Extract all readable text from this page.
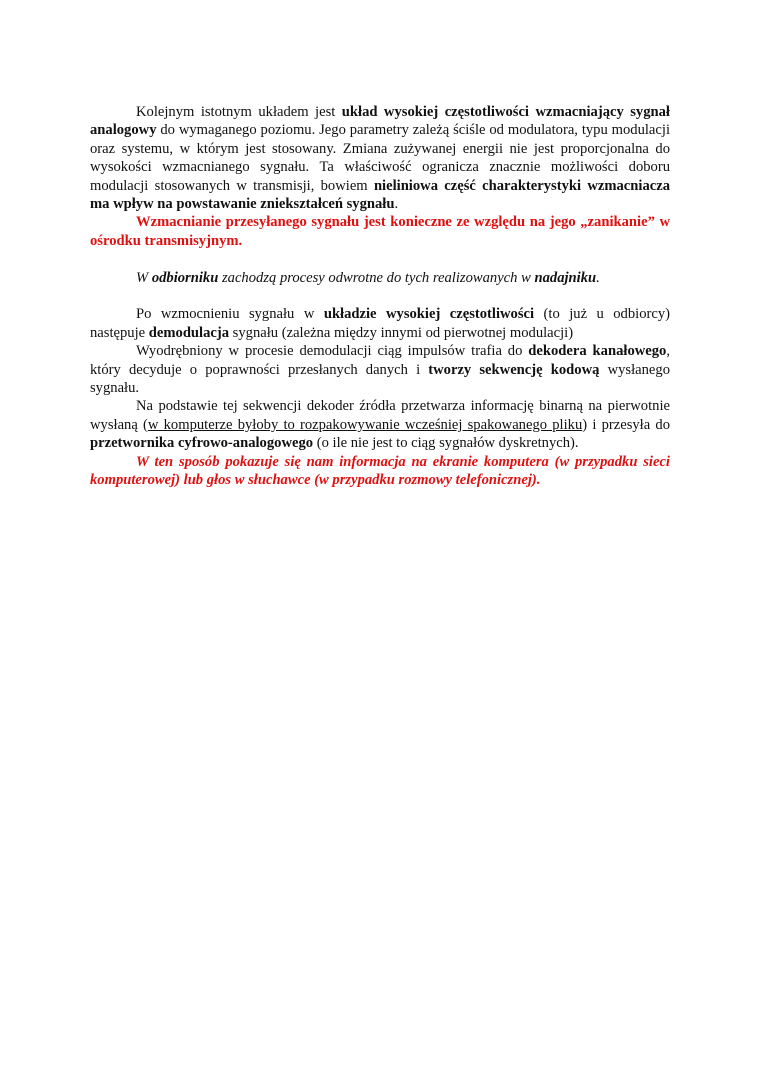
Kolejnym istotnym układem jest układ wysokiej częstotliwości wzmacniający sygnał analogowy do wymaganego poziomu. Jego parametry zależą ściśle od modulatora, typu modulacji oraz systemu, w którym jest stosowany. Zmiana zużywanej energii nie jest proporcjonalna do wysokości wzmacnianego sygnału. Ta właściwość ogranicza znacznie możliwości doboru modulacji stosowanych w transmisji, bowiem nieliniowa część charakterystyki wzmacniacza ma wpływ na powstawanie zniekształceń sygnału.

Wzmacnianie przesyłanego sygnału jest konieczne ze względu na jego „zanikanie” w ośrodku transmisyjnym.

W odbiorniku zachodzą procesy odwrotne do tych realizowanych w nadajniku.

Po wzmocnieniu sygnału w układzie wysokiej częstotliwości (to już u odbiorcy) następuje demodulacja sygnału (zależna między innymi od pierwotnej modulacji)

Wyodrębniony w procesie demodulacji ciąg impulsów trafia do dekodera kanałowego, który decyduje o poprawności przesłanych danych i tworzy sekwencję kodową wysłanego sygnału.

Na podstawie tej sekwencji dekoder źródła przetwarza informację binarną na pierwotnie wysłaną (w komputerze byłoby to rozpakowywanie wcześniej spakowanego pliku) i przesyła do przetwornika cyfrowo-analogowego (o ile nie jest to ciąg sygnałów dyskretnych).

W ten sposób pokazuje się nam informacja na ekranie komputera (w przypadku sieci komputerowej) lub głos w słuchawce (w przypadku rozmowy telefonicznej).
